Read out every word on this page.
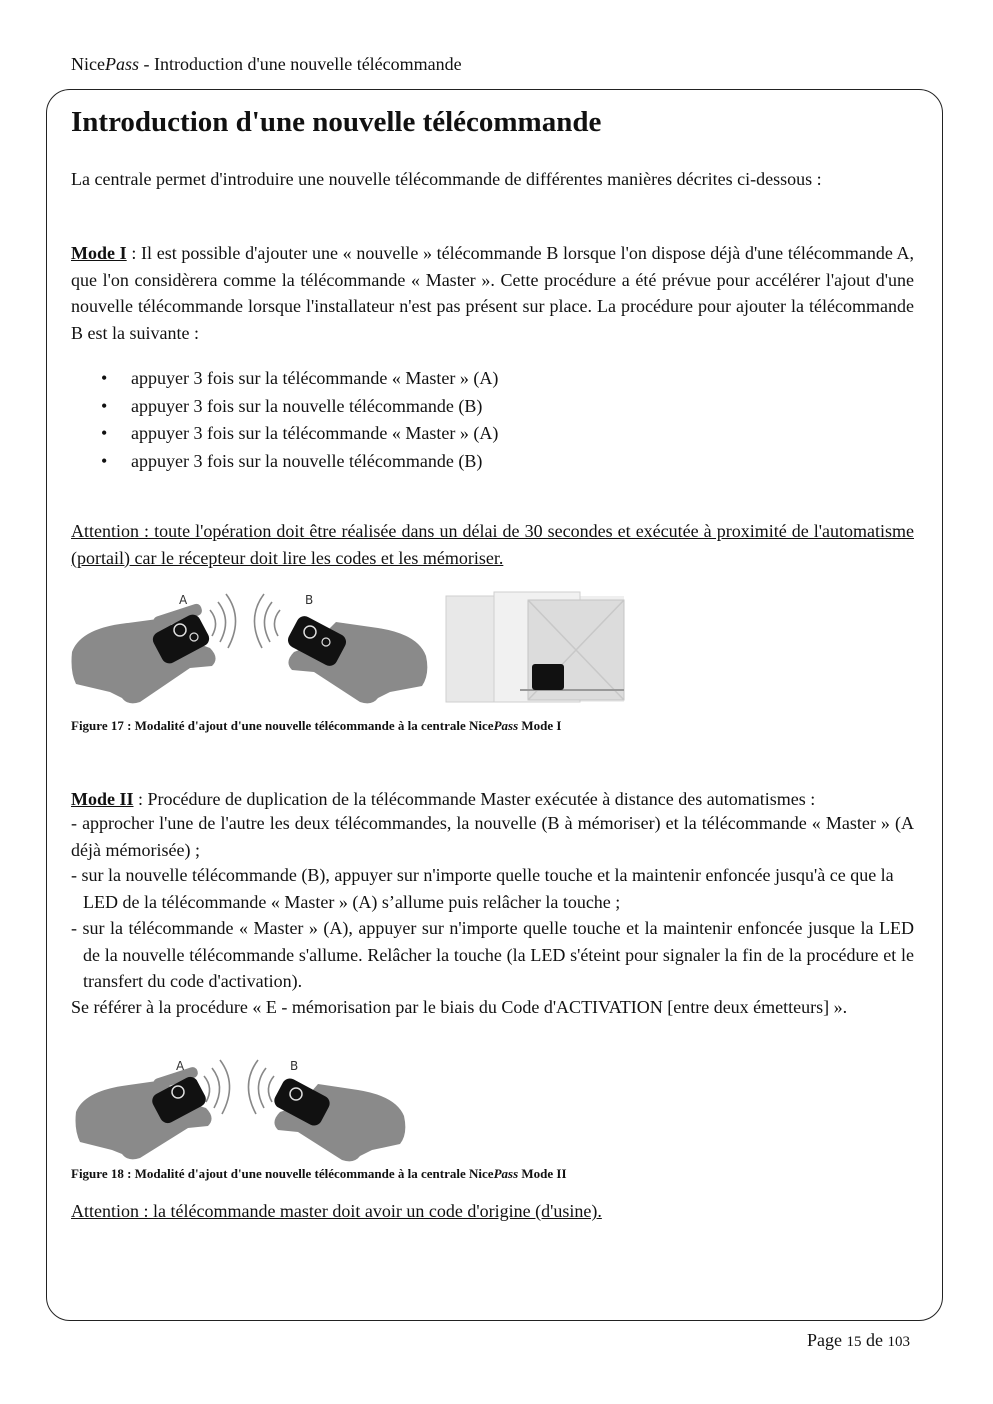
NicePass - Introduction d'une nouvelle télécommande
Introduction d'une nouvelle télécommande

La centrale permet d'introduire une nouvelle télécommande de différentes manières décrites ci-dessous :

Mode I : Il est possible d'ajouter une « nouvelle » télécommande B lorsque l'on dispose déjà d'une télécommande A, que l'on considèrera comme la télécommande « Master ». Cette procédure a été prévue pour accélérer l'ajout d'une nouvelle télécommande lorsque l'installateur n'est pas présent sur place. La procédure pour ajouter la télécommande B est la suivante :

• appuyer 3 fois sur la télécommande « Master » (A)
• appuyer 3 fois sur la nouvelle télécommande (B)
• appuyer 3 fois sur la télécommande « Master » (A)
• appuyer 3 fois sur la nouvelle télécommande (B)

Attention : toute l'opération doit être réalisée dans un délai de 30 secondes et exécutée à proximité de l'automatisme (portail) car le récepteur doit lire les codes et les mémoriser.

A	B
Figure 17 : Modalité d'ajout d'une nouvelle télécommande à la centrale NicePass Mode I

Mode II : Procédure de duplication de la télécommande Master exécutée à distance des automatismes :

- approcher l'une de l'autre les deux télécommandes, la nouvelle (B à mémoriser) et la télécommande « Master » (A déjà mémorisée) ;

- sur la nouvelle télécommande (B), appuyer sur n'importe quelle touche et la maintenir enfoncée jusqu'à ce que la LED de la télécommande « Master » (A) s’allume puis relâcher la touche ;

- sur la télécommande « Master » (A), appuyer sur n'importe quelle touche et la maintenir enfoncée jusque la LED de la nouvelle télécommande s'allume. Relâcher la touche (la LED s'éteint pour signaler la fin de la procédure et le transfert du code d'activation).

Se référer à la procédure « E - mémorisation par le biais du Code d'ACTIVATION [entre deux émetteurs] ».

A	B
Figure 18 : Modalité d'ajout d'une nouvelle télécommande à la centrale NicePass Mode II

Attention : la télécommande master doit avoir un code d'origine (d'usine).

Page 15 de 103
